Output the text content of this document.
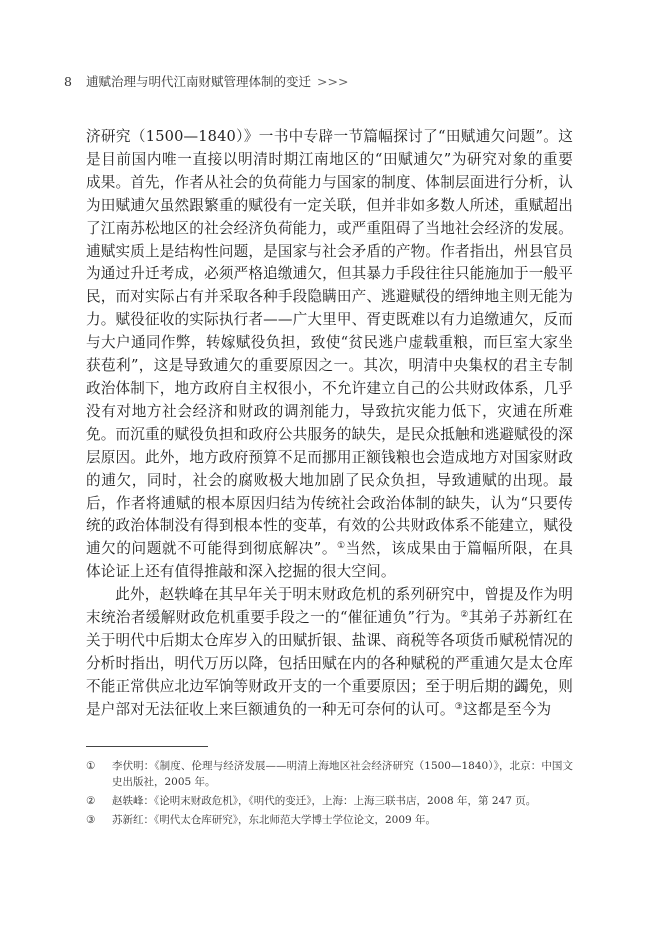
8 逋赋治理与明代江南财赋管理体制的变迁 >>>

济研究（1500—1840）》一书中专辟一节篇幅探讨了“田赋逋欠问题”。这是目前国内唯一直接以明清时期江南地区的“田赋逋欠”为研究对象的重要成果。首先，作者从社会的负荷能力与国家的制度、体制层面进行分析，认为田赋逋欠虽然跟繁重的赋役有一定关联，但并非如多数人所述，重赋超出了江南苏松地区的社会经济负荷能力，或严重阻碍了当地社会经济的发展。逋赋实质上是结构性问题，是国家与社会矛盾的产物。作者指出，州县官员为通过升迁考成，必须严格追缴逋欠，但其暴力手段往往只能施加于一般平民，而对实际占有并采取各种手段隐瞒田产、逃避赋役的缙绅地主则无能为力。赋役征收的实际执行者——广大里甲、胥吏既难以有力追缴逋欠，反而与大户通同作弊，转嫁赋役负担，致使“贫民逃户虚载重粮，而巨室大家坐获苞利”，这是导致逋欠的重要原因之一。其次，明清中央集权的君主专制政治体制下，地方政府自主权很小，不允许建立自己的公共财政体系，几乎没有对地方社会经济和财政的调剂能力，导致抗灾能力低下，灾逋在所难免。而沉重的赋役负担和政府公共服务的缺失，是民众抵触和逃避赋役的深层原因。此外，地方政府预算不足而挪用正额钱粮也会造成地方对国家财政的逋欠，同时，社会的腐败极大地加剧了民众负担，导致逋赋的出现。最后，作者将逋赋的根本原因归结为传统社会政治体制的缺失，认为“只要传统的政治体制没有得到根本性的变革，有效的公共财政体系不能建立，赋役逋欠的问题就不可能得到彻底解决”。①当然，该成果由于篇幅所限，在具体论证上还有值得推敲和深入挖掘的很大空间。

此外，赵轶峰在其早年关于明末财政危机的系列研究中，曾提及作为明末统治者缓解财政危机重要手段之一的“催征逋负”行为。②其弟子苏新红在关于明代中后期太仓库岁入的田赋折银、盐课、商税等各项货币赋税情况的分析时指出，明代万历以降，包括田赋在内的各种赋税的严重逋欠是太仓库不能正常供应北边军饷等财政开支的一个重要原因；至于明后期的蠲免，则是户部对无法征收上来巨额逋负的一种无可奈何的认可。③这都是至今为

①	李伏明：《制度、伦理与经济发展——明清上海地区社会经济研究（1500—1840）》，北京：中国文史出版社，2005 年。
②	赵轶峰：《论明末财政危机》，《明代的变迁》，上海：上海三联书店，2008 年，第 247 页。
③	苏新红：《明代太仓库研究》，东北师范大学博士学位论文，2009 年。
